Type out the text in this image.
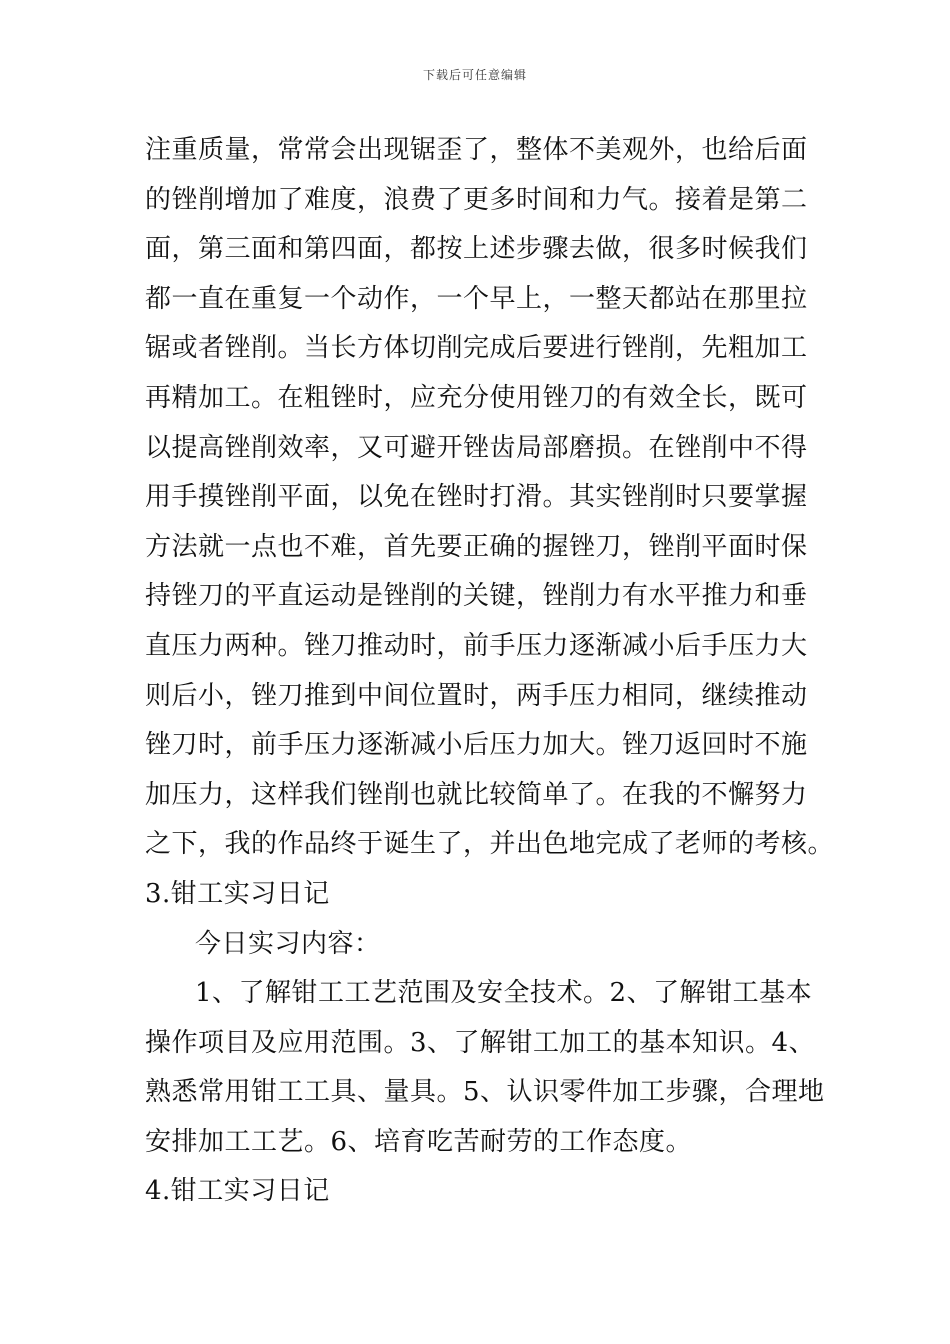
下载后可任意编辑
注重质量，常常会出现锯歪了，整体不美观外，也给后面
的锉削增加了难度，浪费了更多时间和力气。接着是第二
面，第三面和第四面，都按上述步骤去做，很多时候我们
都一直在重复一个动作，一个早上，一整天都站在那里拉
锯或者锉削。当长方体切削完成后要进行锉削，先粗加工
再精加工。在粗锉时，应充分使用锉刀的有效全长，既可
以提高锉削效率，又可避开锉齿局部磨损。在锉削中不得
用手摸锉削平面，以免在锉时打滑。其实锉削时只要掌握
方法就一点也不难，首先要正确的握锉刀，锉削平面时保
持锉刀的平直运动是锉削的关键，锉削力有水平推力和垂
直压力两种。锉刀推动时，前手压力逐渐减小后手压力大
则后小，锉刀推到中间位置时，两手压力相同，继续推动
锉刀时，前手压力逐渐减小后压力加大。锉刀返回时不施
加压力，这样我们锉削也就比较简单了。在我的不懈努力
之下，我的作品终于诞生了，并出色地完成了老师的考核。
3.钳工实习日记
今日实习内容：
1、了解钳工工艺范围及安全技术。2、了解钳工基本
操作项目及应用范围。3、了解钳工加工的基本知识。4、
熟悉常用钳工工具、量具。5、认识零件加工步骤，合理地
安排加工工艺。6、培育吃苦耐劳的工作态度。
4.钳工实习日记
